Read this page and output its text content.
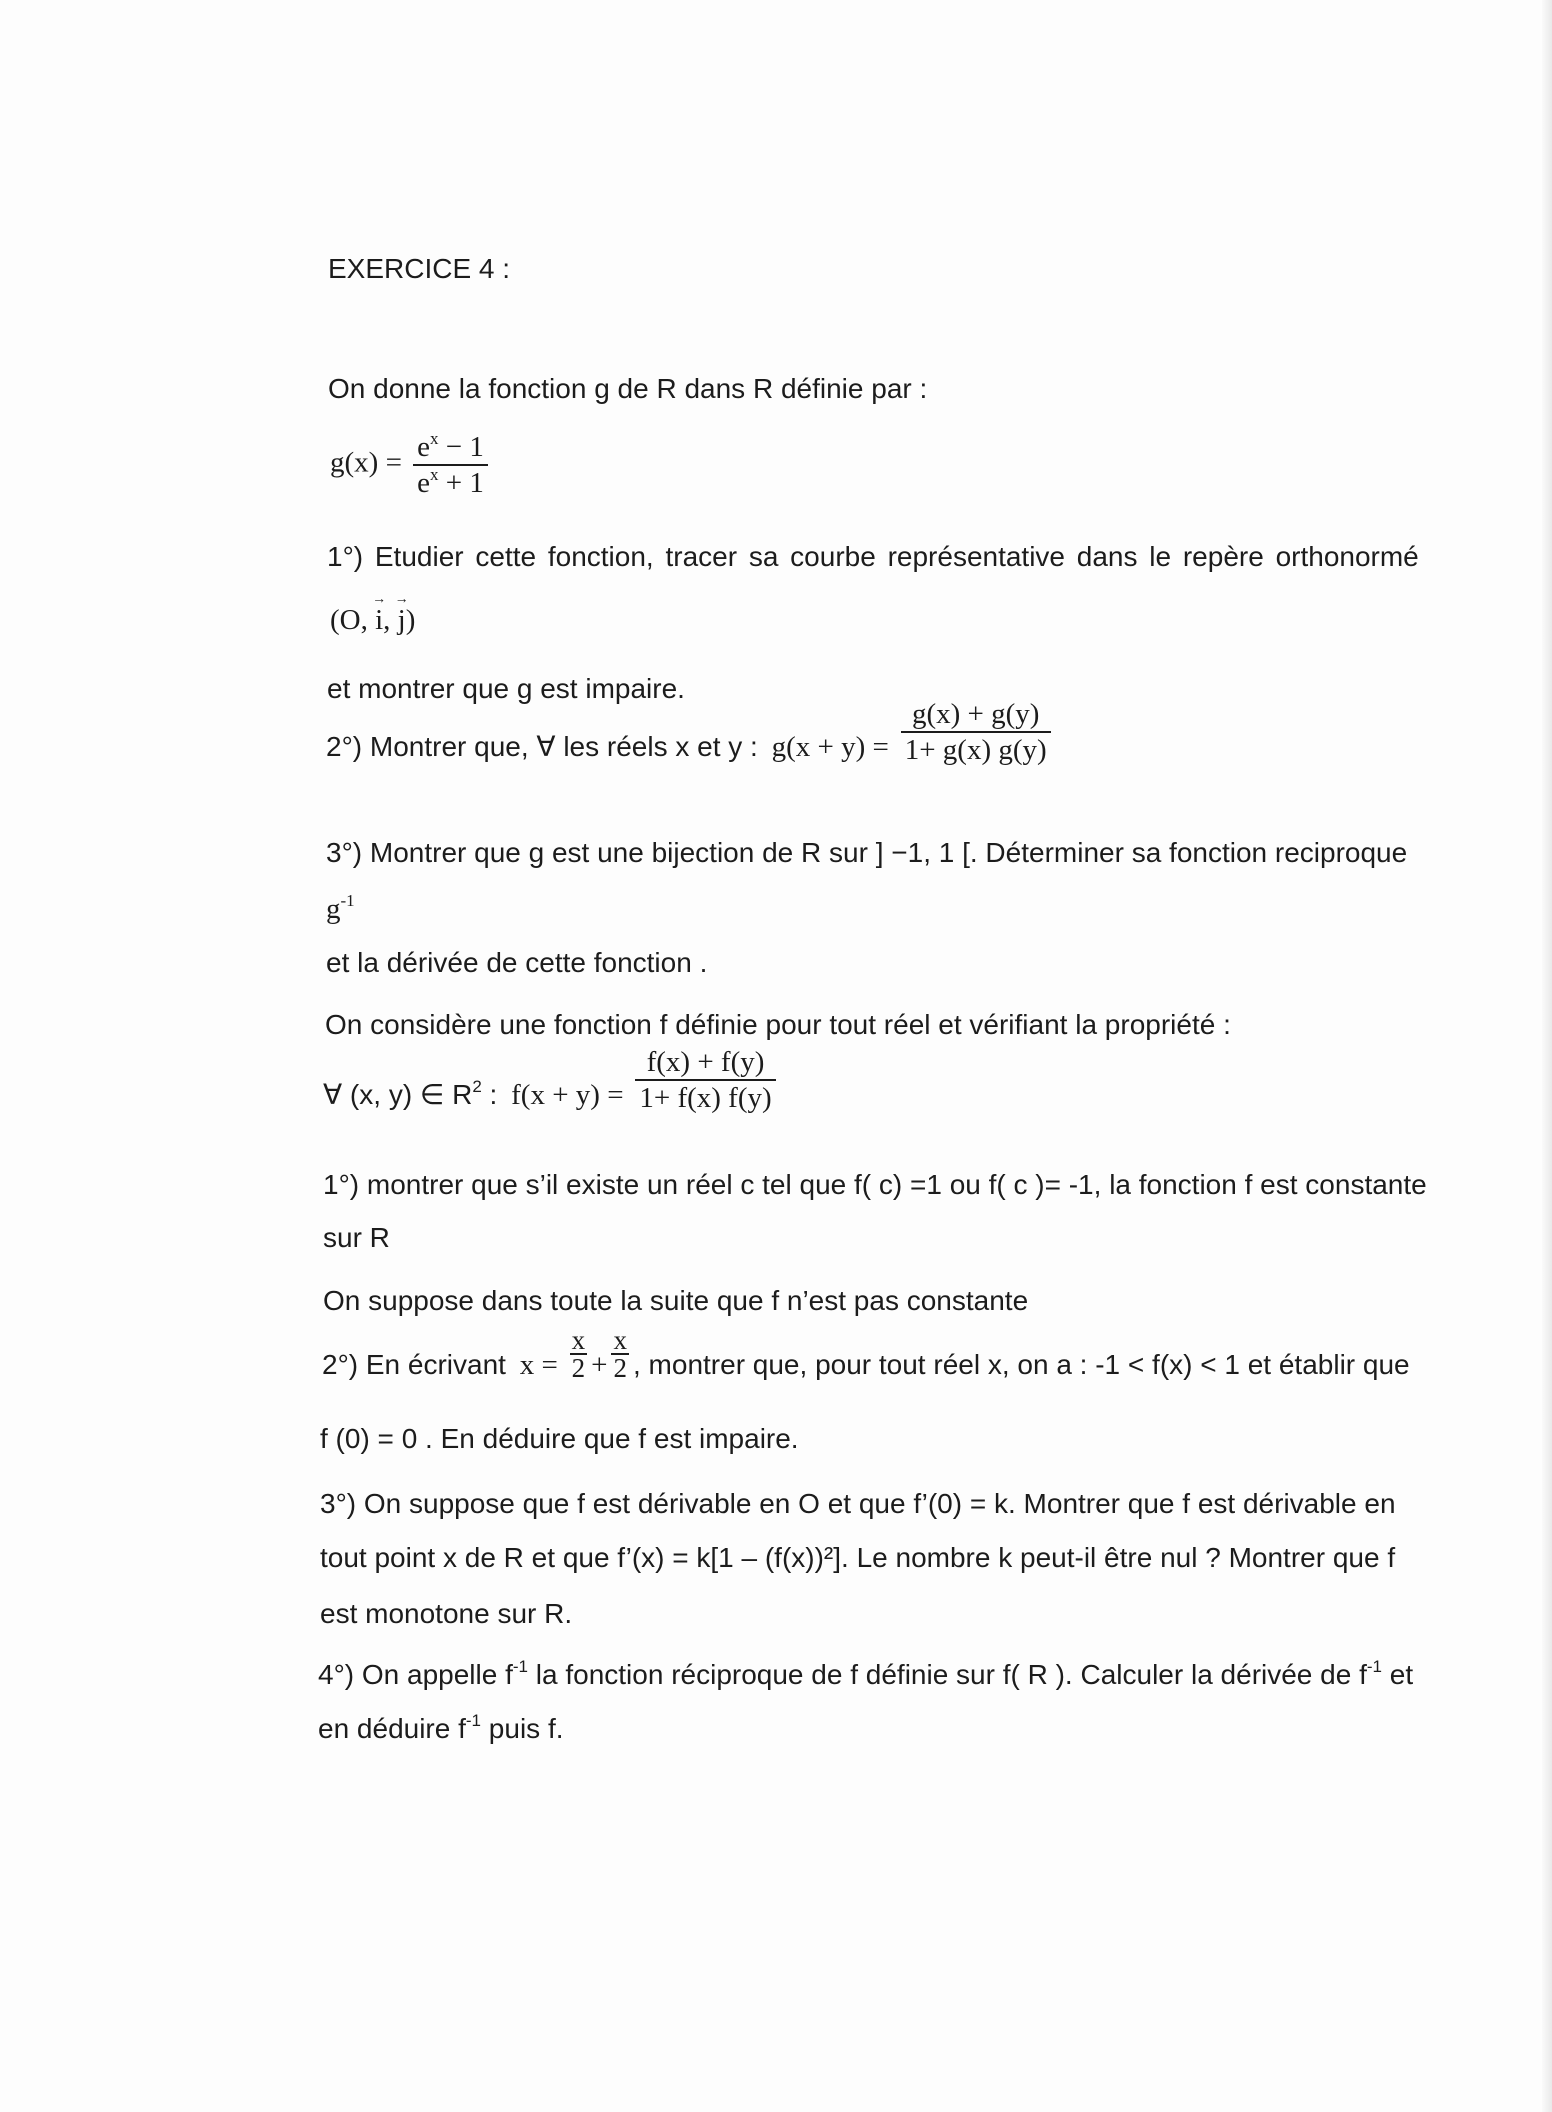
EXERCICE 4 :
On donne la fonction g de R dans R définie par :
$g(x) = \frac{e^x - 1}{e^x + 1}$
1°) Etudier cette fonction, tracer sa courbe représentative dans le repère orthonormé
(O, → i, → j)
et montrer que g est impaire.
2°) Montrer que, ∀ les réels x et y : $g(x + y) = \frac{g(x) + g(y)}{1+ g(x) g(y)}$
3°) Montrer que g est une bijection de R sur ] −1, 1 [. Déterminer sa fonction reciproque
$g^{-1}$
et la dérivée de cette fonction .
On considère une fonction f définie pour tout réel et vérifiant la propriété :
∀ (x, y) ∈ $R^2$ : $f(x + y) = \frac{f(x) + f(y)}{1+ f(x) f(y)}$
1°) montrer que s’il existe un réel c tel que f( c) =1 ou f( c )= -1, la fonction f est constante
sur R
On suppose dans toute la suite que f n’est pas constante
2°) En écrivant $x = \frac{x}{2} + \frac{x}{2}$ , montrer que, pour tout réel x, on a : -1 < f(x) < 1 et établir que
f (0) = 0 . En déduire que f est impaire.
3°) On suppose que f est dérivable en O et que f’(0) = k. Montrer que f est dérivable en
tout point x de R et que f’(x) = k[1 – (f(x))²]. Le nombre k peut-il être nul ? Montrer que f
est monotone sur R.
4°) On appelle $f^{-1}$ la fonction réciproque de f définie sur f( R ). Calculer la dérivée de $f^{-1}$ et
en déduire $f^{-1}$ puis f.
